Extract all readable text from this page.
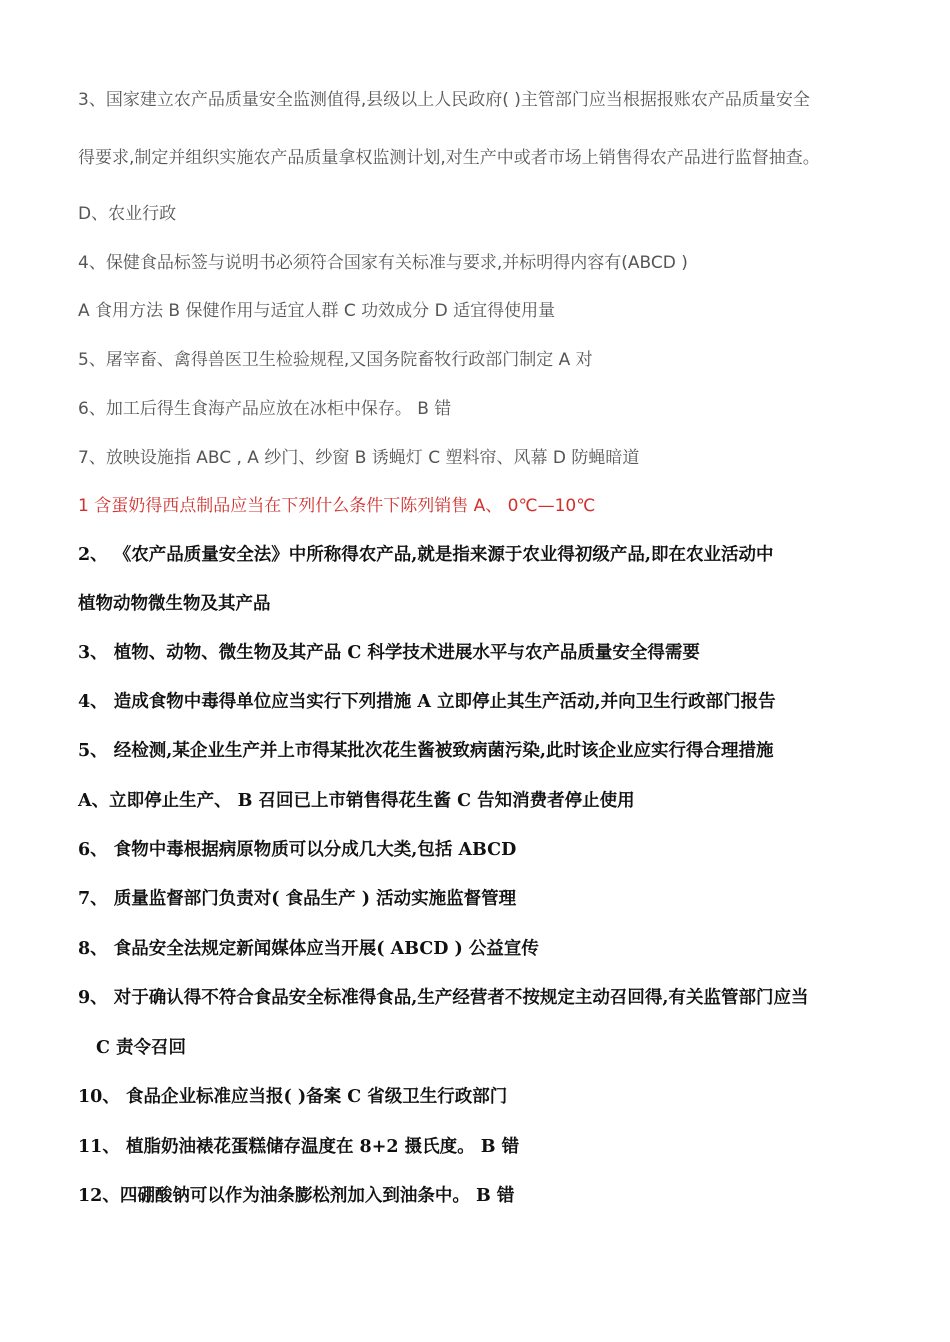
3、国家建立农产品质量安全监测值得,县级以上人民政府( )主管部门应当根据报账农产品质量安全
得要求,制定并组织实施农产品质量拿权监测计划,对生产中或者市场上销售得农产品进行监督抽查。
D、农业行政
4、保健食品标签与说明书必须符合国家有关标准与要求,并标明得内容有(ABCD )
A 食用方法 B 保健作用与适宜人群 C 功效成分 D 适宜得使用量
5、屠宰畜、禽得兽医卫生检验规程,又国务院畜牧行政部门制定 A 对
6、加工后得生食海产品应放在冰柜中保存。 B 错
7、放映设施指 ABC , A 纱门、纱窗 B 诱蝇灯 C 塑料帘、风幕 D 防蝇暗道
1 含蛋奶得西点制品应当在下列什么条件下陈列销售 A、 0℃—10℃
2、 《农产品质量安全法》中所称得农产品,就是指来源于农业得初级产品,即在农业活动中
植物动物微生物及其产品
3、 植物、动物、微生物及其产品 C 科学技术进展水平与农产品质量安全得需要
4、 造成食物中毒得单位应当实行下列措施 A 立即停止其生产活动,并向卫生行政部门报告
5、 经检测,某企业生产并上市得某批次花生酱被致病菌污染,此时该企业应实行得合理措施
A、立即停止生产、 B 召回已上市销售得花生酱 C 告知消费者停止使用
6、 食物中毒根据病原物质可以分成几大类,包括 ABCD
7、 质量监督部门负责对( 食品生产 ) 活动实施监督管理
8、 食品安全法规定新闻媒体应当开展( ABCD ) 公益宣传
9、 对于确认得不符合食品安全标准得食品,生产经营者不按规定主动召回得,有关监管部门应当
C 责令召回
10、 食品企业标准应当报( )备案 C 省级卫生行政部门
11、 植脂奶油裱花蛋糕储存温度在 8+2 摄氏度。 B 错
12、四硼酸钠可以作为油条膨松剂加入到油条中。 B 错
